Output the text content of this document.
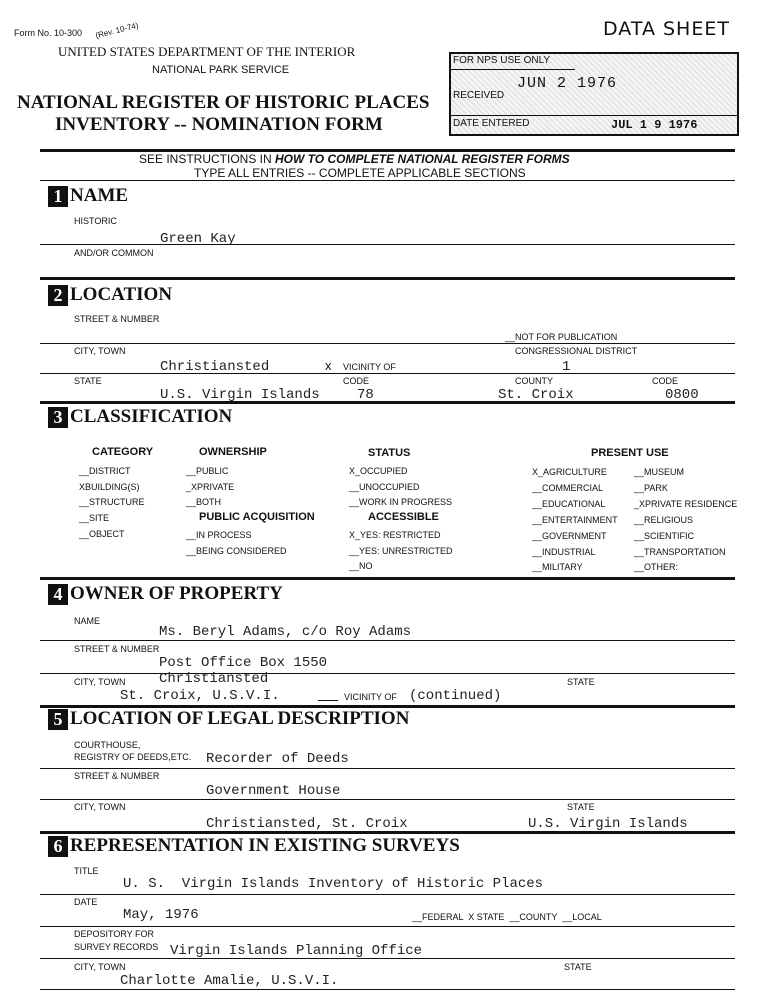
Form No. 10-300 (Rev. 10-74)	DATA SHEET
UNITED STATES DEPARTMENT OF THE INTERIOR
NATIONAL PARK SERVICE
NATIONAL REGISTER OF HISTORIC PLACES
INVENTORY -- NOMINATION FORM
FOR NPS USE ONLY
RECEIVED
JUN 2 1976
DATE ENTERED	JUL 1 9 1976
SEE INSTRUCTIONS IN HOW TO COMPLETE NATIONAL REGISTER FORMS
TYPE ALL ENTRIES -- COMPLETE APPLICABLE SECTIONS
1 NAME
HISTORIC
Green Kay
AND/OR COMMON
2 LOCATION
STREET & NUMBER
__NOT FOR PUBLICATION
CITY, TOWN	CONGRESSIONAL DISTRICT
Christiansted	x VICINITY OF	1
STATE	CODE	COUNTY	CODE
U.S. Virgin Islands	78	St. Croix	0800
3 CLASSIFICATION
CATEGORY
__DISTRICT
XBUILDING(S)
__STRUCTURE
__SITE
__OBJECT
OWNERSHIP
__PUBLIC
_XPRIVATE
__BOTH
PUBLIC ACQUISITION
__IN PROCESS
__BEING CONSIDERED
STATUS
X_OCCUPIED
__UNOCCUPIED
__WORK IN PROGRESS
ACCESSIBLE
X_YES: RESTRICTED
__YES: UNRESTRICTED
__NO
PRESENT USE
X_AGRICULTURE
__COMMERCIAL
__EDUCATIONAL
__ENTERTAINMENT
__GOVERNMENT
__INDUSTRIAL
__MILITARY
__MUSEUM
__PARK
_XPRIVATE RESIDENCE
__RELIGIOUS
__SCIENTIFIC
__TRANSPORTATION
__OTHER:
4 OWNER OF PROPERTY
NAME
Ms. Beryl Adams, c/o Roy Adams
STREET & NUMBER
Post Office Box 1550
CITY, TOWN Christiansted	STATE
St. Croix, U.S.V.I.	VICINITY OF (continued)
5 LOCATION OF LEGAL DESCRIPTION
COURTHOUSE,
REGISTRY OF DEEDS,ETC. Recorder of Deeds
STREET & NUMBER
Government House
CITY, TOWN	STATE
Christiansted, St. Croix	U.S. Virgin Islands
6 REPRESENTATION IN EXISTING SURVEYS
TITLE
U. S.  Virgin Islands Inventory of Historic Places
DATE
May, 1976	__FEDERAL  X STATE  __COUNTY  __LOCAL
DEPOSITORY FOR
SURVEY RECORDS Virgin Islands Planning Office
CITY, TOWN	STATE
Charlotte Amalie, U.S.V.I.
